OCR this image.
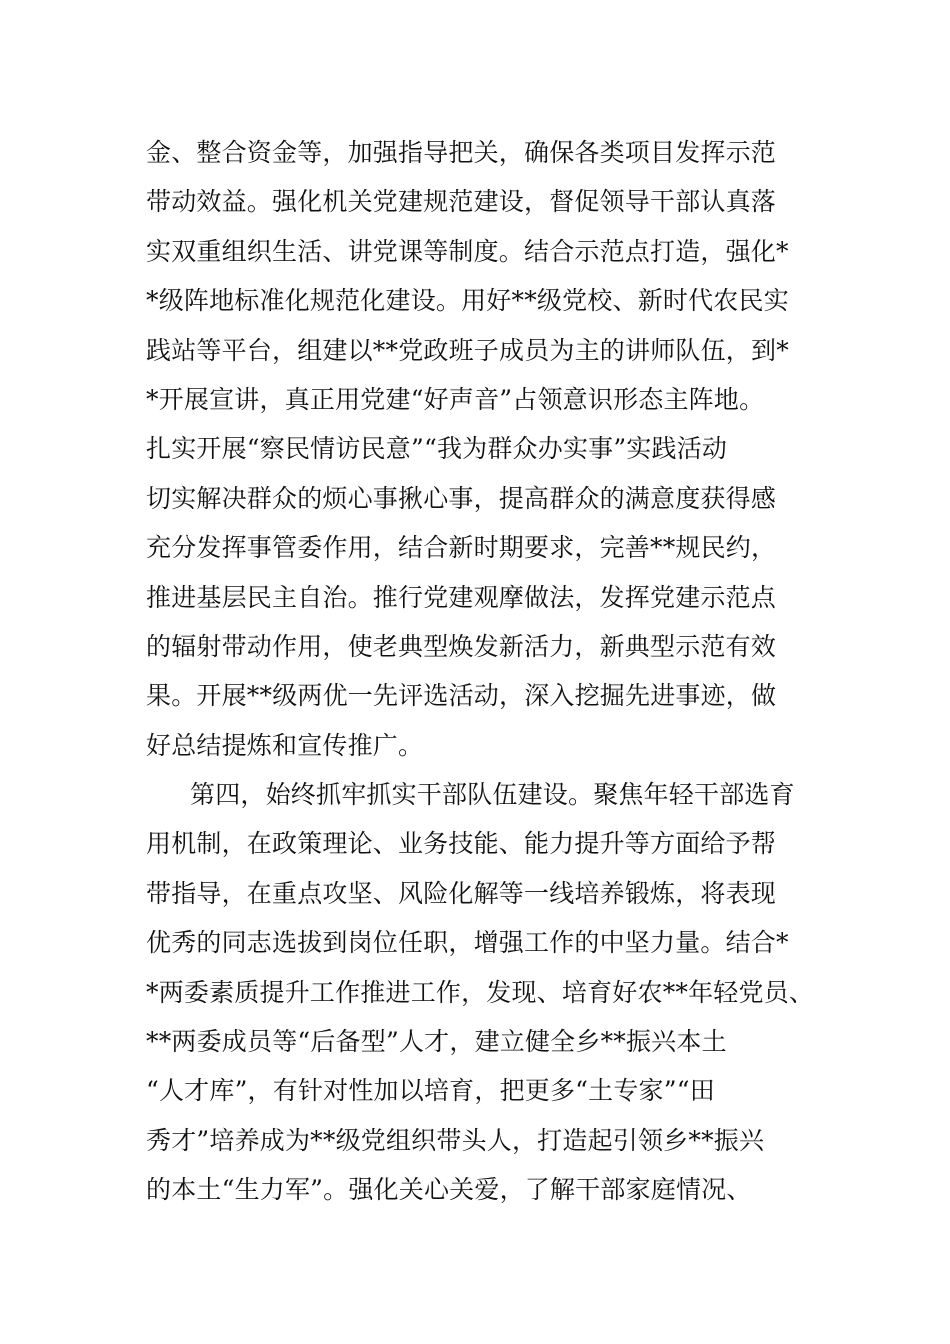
金、整合资金等，加强指导把关，确保各类项目发挥示范
带动效益。强化机关党建规范建设，督促领导干部认真落
实双重组织生活、讲党课等制度。结合示范点打造，强化*
*级阵地标准化规范化建设。用好**级党校、新时代农民实
践站等平台，组建以**党政班子成员为主的讲师队伍，到*
*开展宣讲，真正用党建“好声音”占领意识形态主阵地。
扎实开展“察民情访民意”“我为群众办实事”实践活动
切实解决群众的烦心事揪心事，提高群众的满意度获得感
充分发挥事管委作用，结合新时期要求，完善**规民约，
推进基层民主自治。推行党建观摩做法，发挥党建示范点
的辐射带动作用，使老典型焕发新活力，新典型示范有效
果。开展**级两优一先评选活动，深入挖掘先进事迹，做
好总结提炼和宣传推广。
第四，始终抓牢抓实干部队伍建设。聚焦年轻干部选育
用机制，在政策理论、业务技能、能力提升等方面给予帮
带指导，在重点攻坚、风险化解等一线培养锻炼，将表现
优秀的同志选拔到岗位任职，增强工作的中坚力量。结合*
*两委素质提升工作推进工作，发现、培育好农**年轻党员、
**两委成员等“后备型”人才，建立健全乡**振兴本土
“人才库”，有针对性加以培育，把更多“土专家”“田
秀才”培养成为**级党组织带头人，打造起引领乡**振兴
的本土“生力军”。强化关心关爱，了解干部家庭情况、
